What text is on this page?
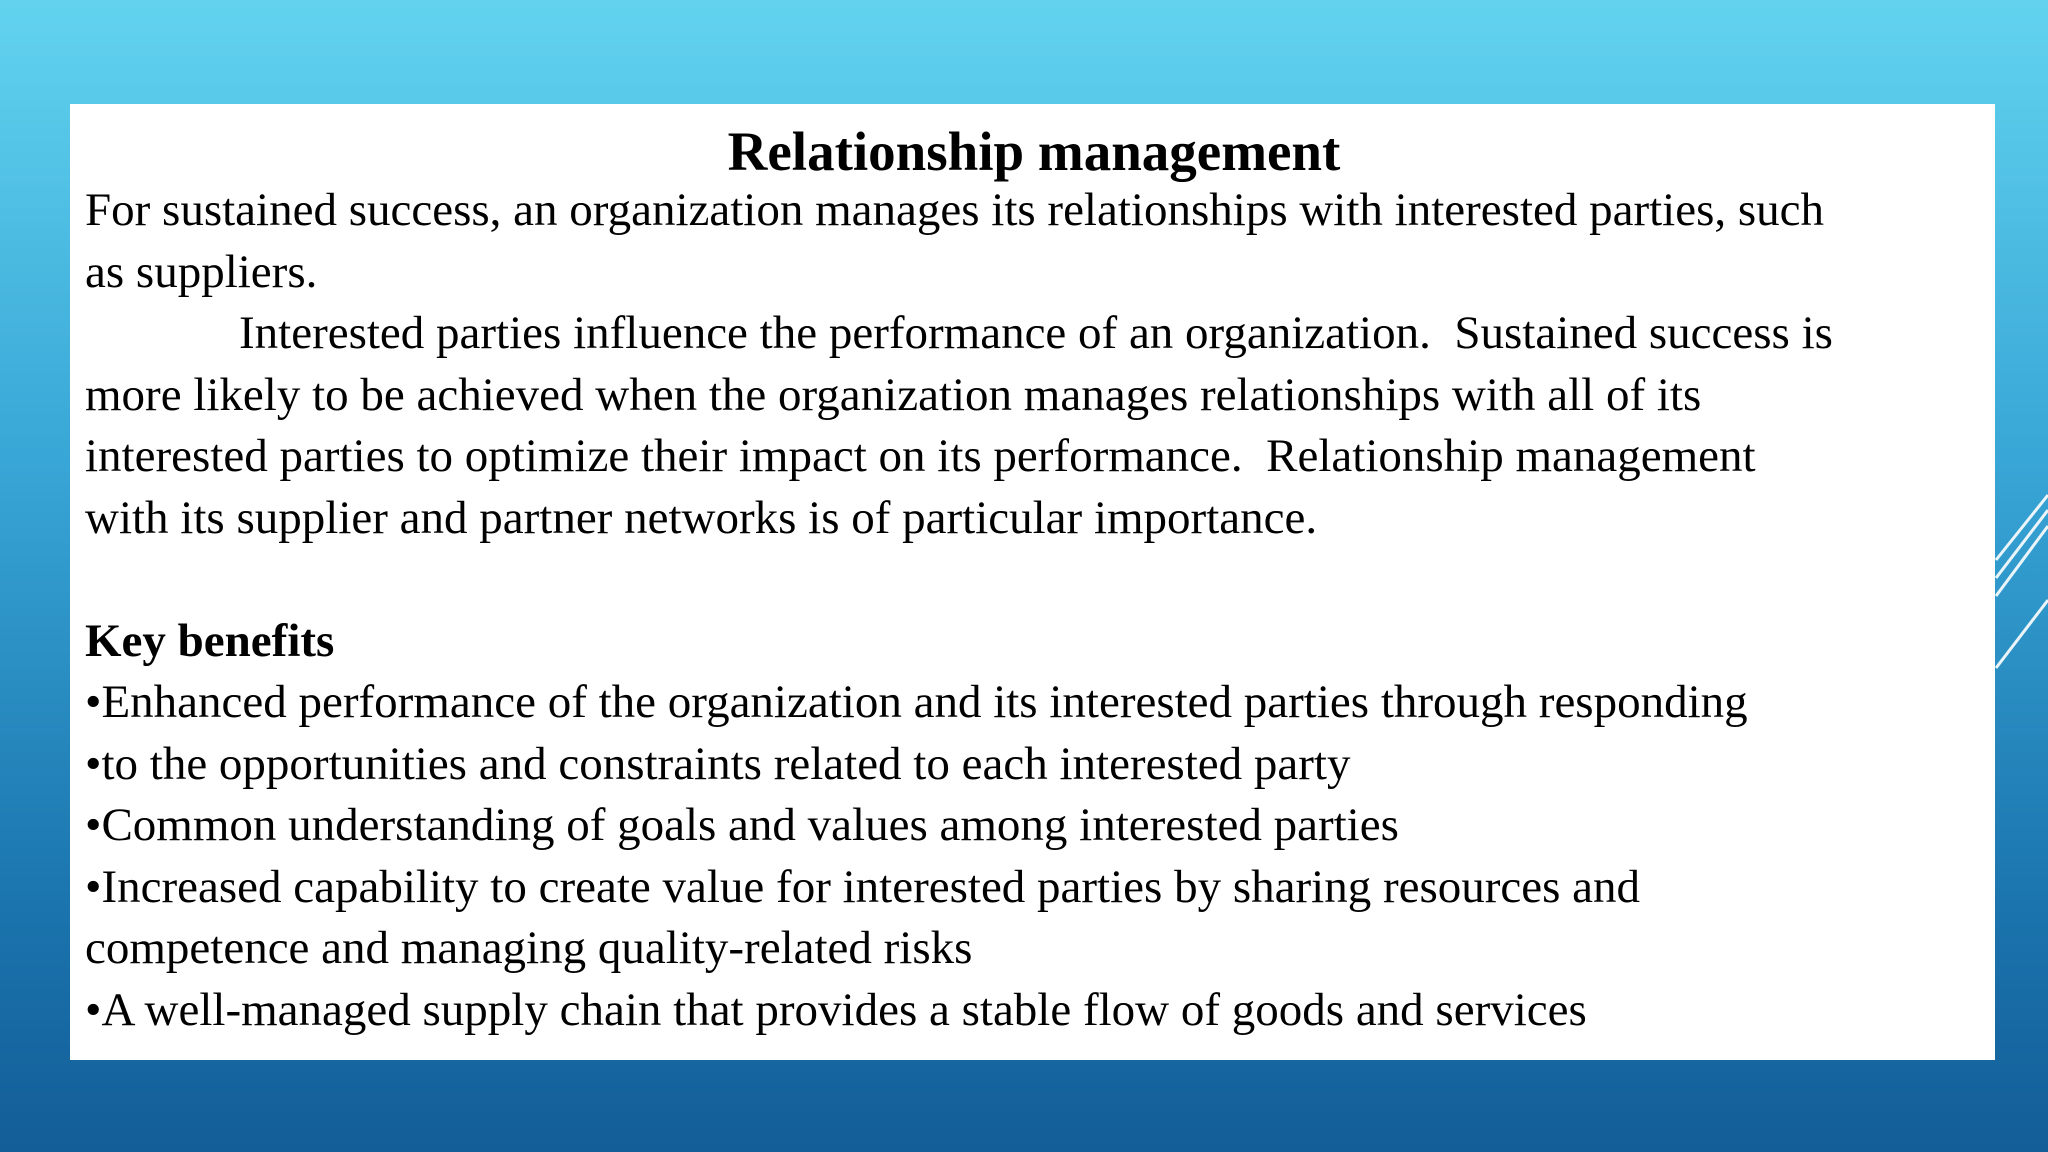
Relationship management
For sustained success, an organization manages its relationships with interested parties, such
as suppliers.
Interested parties influence the performance of an organization.  Sustained success is
more likely to be achieved when the organization manages relationships with all of its
interested parties to optimize their impact on its performance.  Relationship management
with its supplier and partner networks is of particular importance.
Key benefits
•Enhanced performance of the organization and its interested parties through responding
•to the opportunities and constraints related to each interested party
•Common understanding of goals and values among interested parties
•Increased capability to create value for interested parties by sharing resources and
competence and managing quality-related risks
•A well-managed supply chain that provides a stable flow of goods and services
